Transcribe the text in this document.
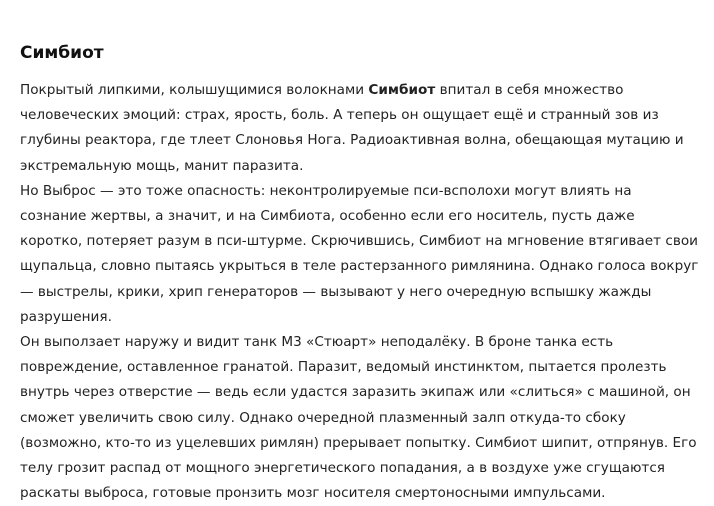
Симбиот

Покрытый липкими, колышущимися волокнами Симбиот впитал в себя множество человеческих эмоций: страх, ярость, боль. А теперь он ощущает ещё и странный зов из глубины реактора, где тлеет Слоновья Нога. Радиоактивная волна, обещающая мутацию и экстремальную мощь, манит паразита.

Но Выброс — это тоже опасность: неконтролируемые пси-всполохи могут влиять на сознание жертвы, а значит, и на Симбиота, особенно если его носитель, пусть даже коротко, потеряет разум в пси-штурме. Скрючившись, Симбиот на мгновение втягивает свои щупальца, словно пытаясь укрыться в теле растерзанного римлянина. Однако голоса вокруг — выстрелы, крики, хрип генераторов — вызывают у него очередную вспышку жажды разрушения.

Он выползает наружу и видит танк M3 «Стюарт» неподалёку. В броне танка есть повреждение, оставленное гранатой. Паразит, ведомый инстинктом, пытается пролезть внутрь через отверстие — ведь если удастся заразить экипаж или «слиться» с машиной, он сможет увеличить свою силу. Однако очередной плазменный залп откуда-то сбоку (возможно, кто-то из уцелевших римлян) прерывает попытку. Симбиот шипит, отпрянув. Его телу грозит распад от мощного энергетического попадания, а в воздухе уже сгущаются раскаты выброса, готовые пронзить мозг носителя смертоносными импульсами.
